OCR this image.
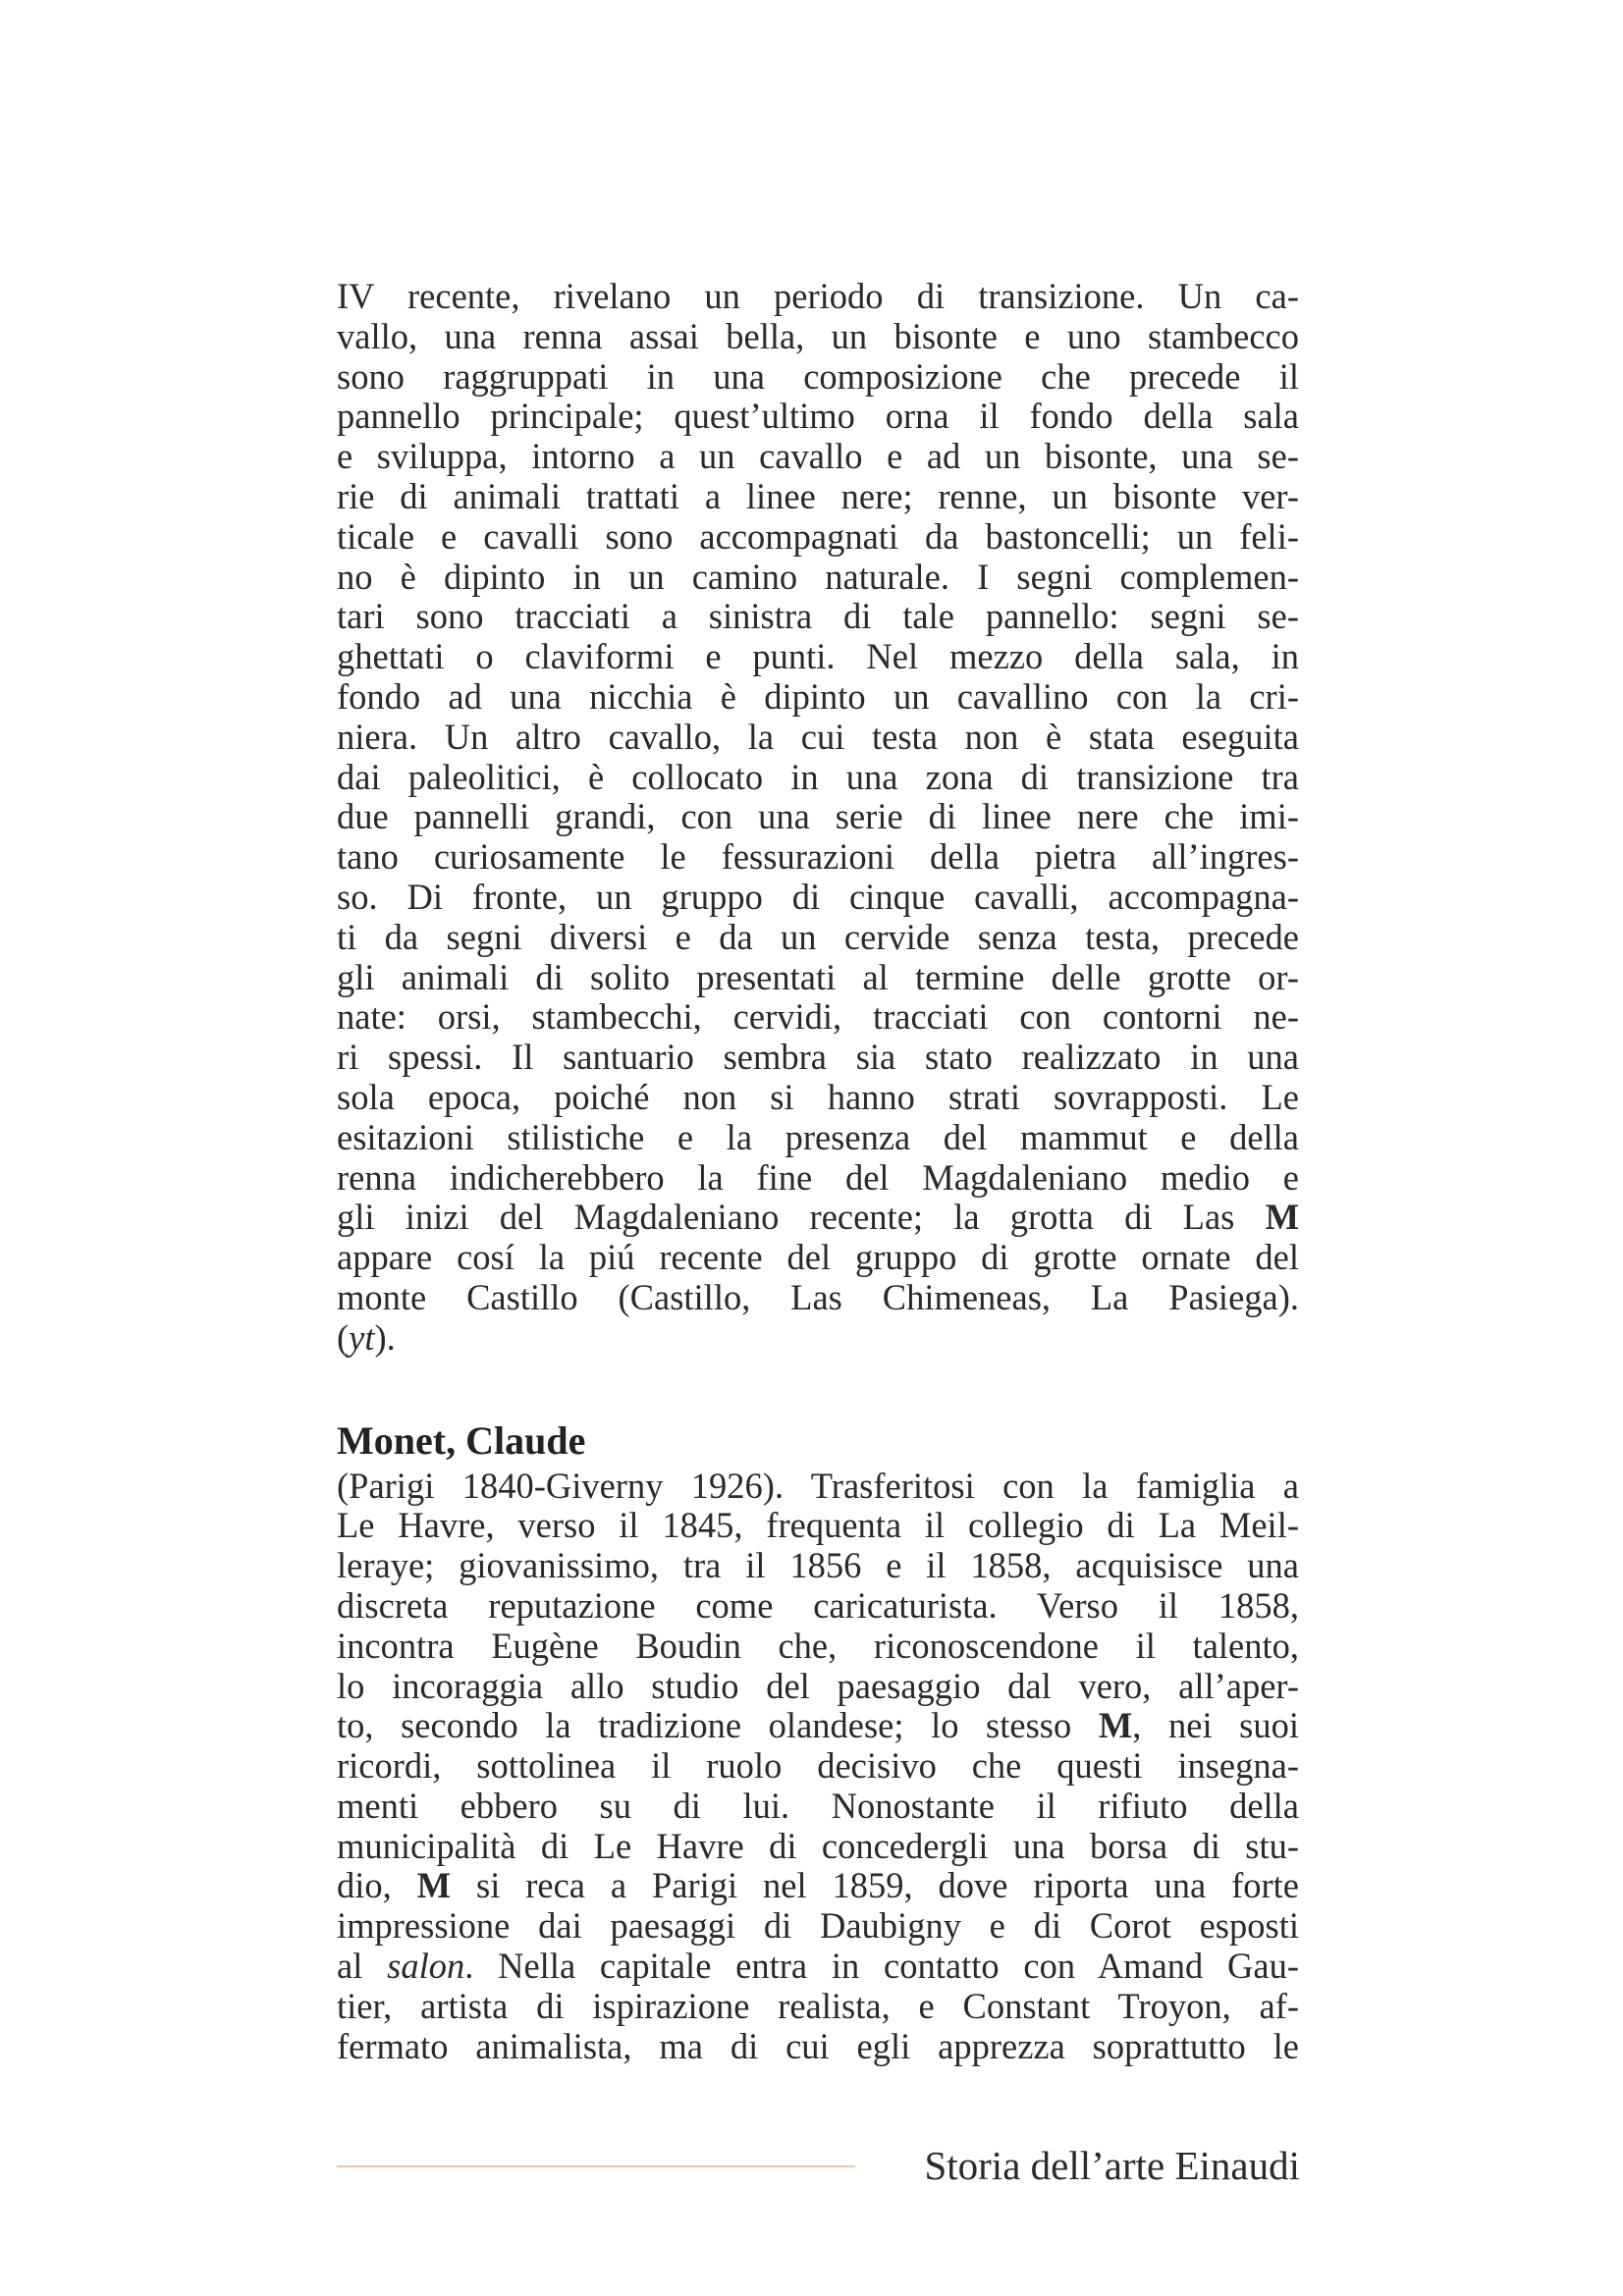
IV recente, rivelano un periodo di transizione. Un ca-
vallo, una renna assai bella, un bisonte e uno stambecco
sono raggruppati in una composizione che precede il
pannello principale; quest’ultimo orna il fondo della sala
e sviluppa, intorno a un cavallo e ad un bisonte, una se-
rie di animali trattati a linee nere; renne, un bisonte ver-
ticale e cavalli sono accompagnati da bastoncelli; un feli-
no è dipinto in un camino naturale. I segni complemen-
tari sono tracciati a sinistra di tale pannello: segni se-
ghettati o claviformi e punti. Nel mezzo della sala, in
fondo ad una nicchia è dipinto un cavallino con la cri-
niera. Un altro cavallo, la cui testa non è stata eseguita
dai paleolitici, è collocato in una zona di transizione tra
due pannelli grandi, con una serie di linee nere che imi-
tano curiosamente le fessurazioni della pietra all’ingres-
so. Di fronte, un gruppo di cinque cavalli, accompagna-
ti da segni diversi e da un cervide senza testa, precede
gli animali di solito presentati al termine delle grotte or-
nate: orsi, stambecchi, cervidi, tracciati con contorni ne-
ri spessi. Il santuario sembra sia stato realizzato in una
sola epoca, poiché non si hanno strati sovrapposti. Le
esitazioni stilistiche e la presenza del mammut e della
renna indicherebbero la fine del Magdaleniano medio e
gli inizi del Magdaleniano recente; la grotta di Las M
appare cosí la piú recente del gruppo di grotte ornate del
monte Castillo (Castillo, Las Chimeneas, La Pasiega).
(yt).
Monet, Claude
(Parigi 1840-Giverny 1926). Trasferitosi con la famiglia a
Le Havre, verso il 1845, frequenta il collegio di La Meil-
leraye; giovanissimo, tra il 1856 e il 1858, acquisisce una
discreta reputazione come caricaturista. Verso il 1858,
incontra Eugène Boudin che, riconoscendone il talento,
lo incoraggia allo studio del paesaggio dal vero, all’aper-
to, secondo la tradizione olandese; lo stesso M, nei suoi
ricordi, sottolinea il ruolo decisivo che questi insegna-
menti ebbero su di lui. Nonostante il rifiuto della
municipalità di Le Havre di concedergli una borsa di stu-
dio, M si reca a Parigi nel 1859, dove riporta una forte
impressione dai paesaggi di Daubigny e di Corot esposti
al salon. Nella capitale entra in contatto con Amand Gau-
tier, artista di ispirazione realista, e Constant Troyon, af-
fermato animalista, ma di cui egli apprezza soprattutto le
Storia dell’arte Einaudi
